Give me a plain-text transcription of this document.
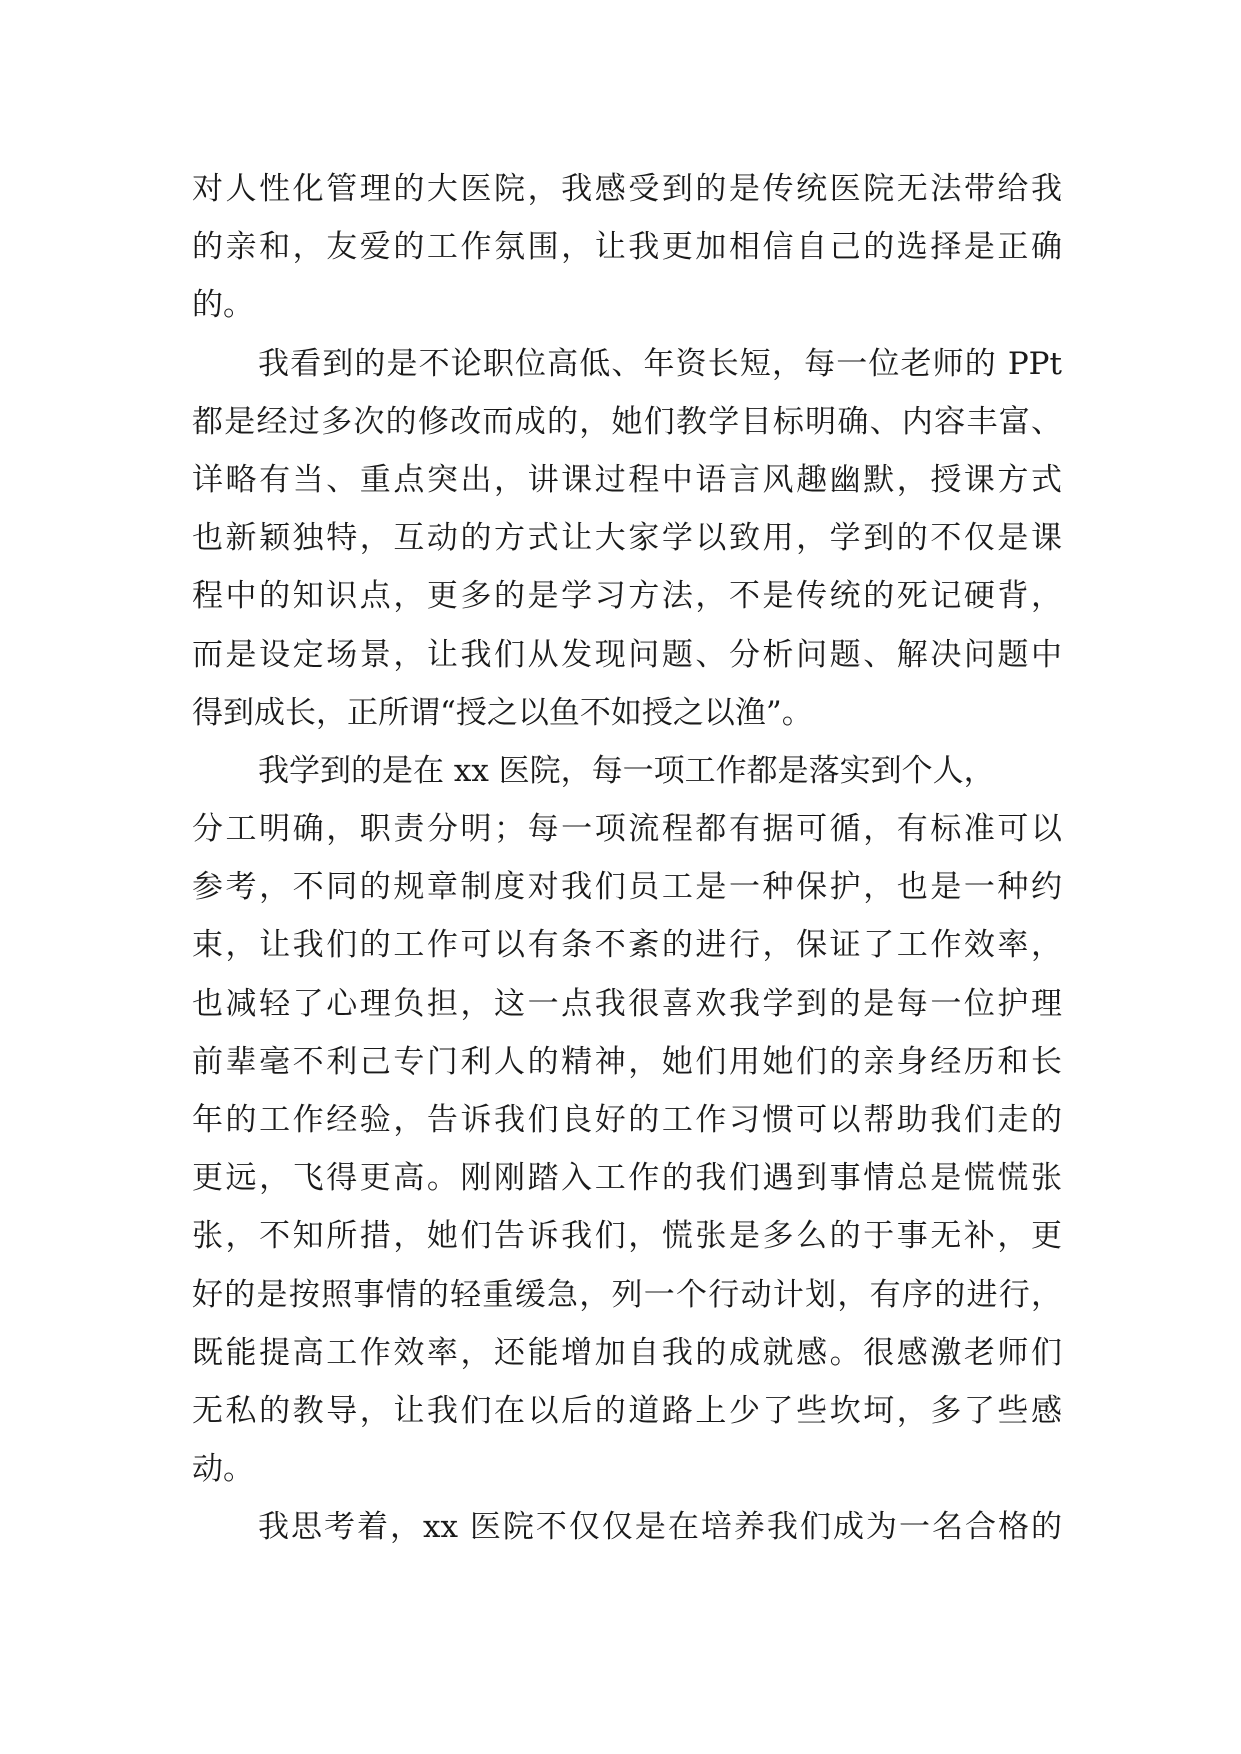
对人性化管理的大医院，我感受到的是传统医院无法带给我
的亲和，友爱的工作氛围，让我更加相信自己的选择是正确
的。
我看到的是不论职位高低、年资长短，每一位老师的 PPt
都是经过多次的修改而成的，她们教学目标明确、内容丰富、
详略有当、重点突出，讲课过程中语言风趣幽默，授课方式
也新颖独特，互动的方式让大家学以致用，学到的不仅是课
程中的知识点，更多的是学习方法，不是传统的死记硬背，
而是设定场景，让我们从发现问题、分析问题、解决问题中
得到成长，正所谓“授之以鱼不如授之以渔”。
我学到的是在 xx 医院，每一项工作都是落实到个人，
分工明确，职责分明；每一项流程都有据可循，有标准可以
参考，不同的规章制度对我们员工是一种保护，也是一种约
束，让我们的工作可以有条不紊的进行，保证了工作效率，
也减轻了心理负担，这一点我很喜欢我学到的是每一位护理
前辈毫不利己专门利人的精神，她们用她们的亲身经历和长
年的工作经验，告诉我们良好的工作习惯可以帮助我们走的
更远，飞得更高。刚刚踏入工作的我们遇到事情总是慌慌张
张，不知所措，她们告诉我们，慌张是多么的于事无补，更
好的是按照事情的轻重缓急，列一个行动计划，有序的进行，
既能提高工作效率，还能增加自我的成就感。很感激老师们
无私的教导，让我们在以后的道路上少了些坎坷，多了些感
动。
我思考着，xx 医院不仅仅是在培养我们成为一名合格的
